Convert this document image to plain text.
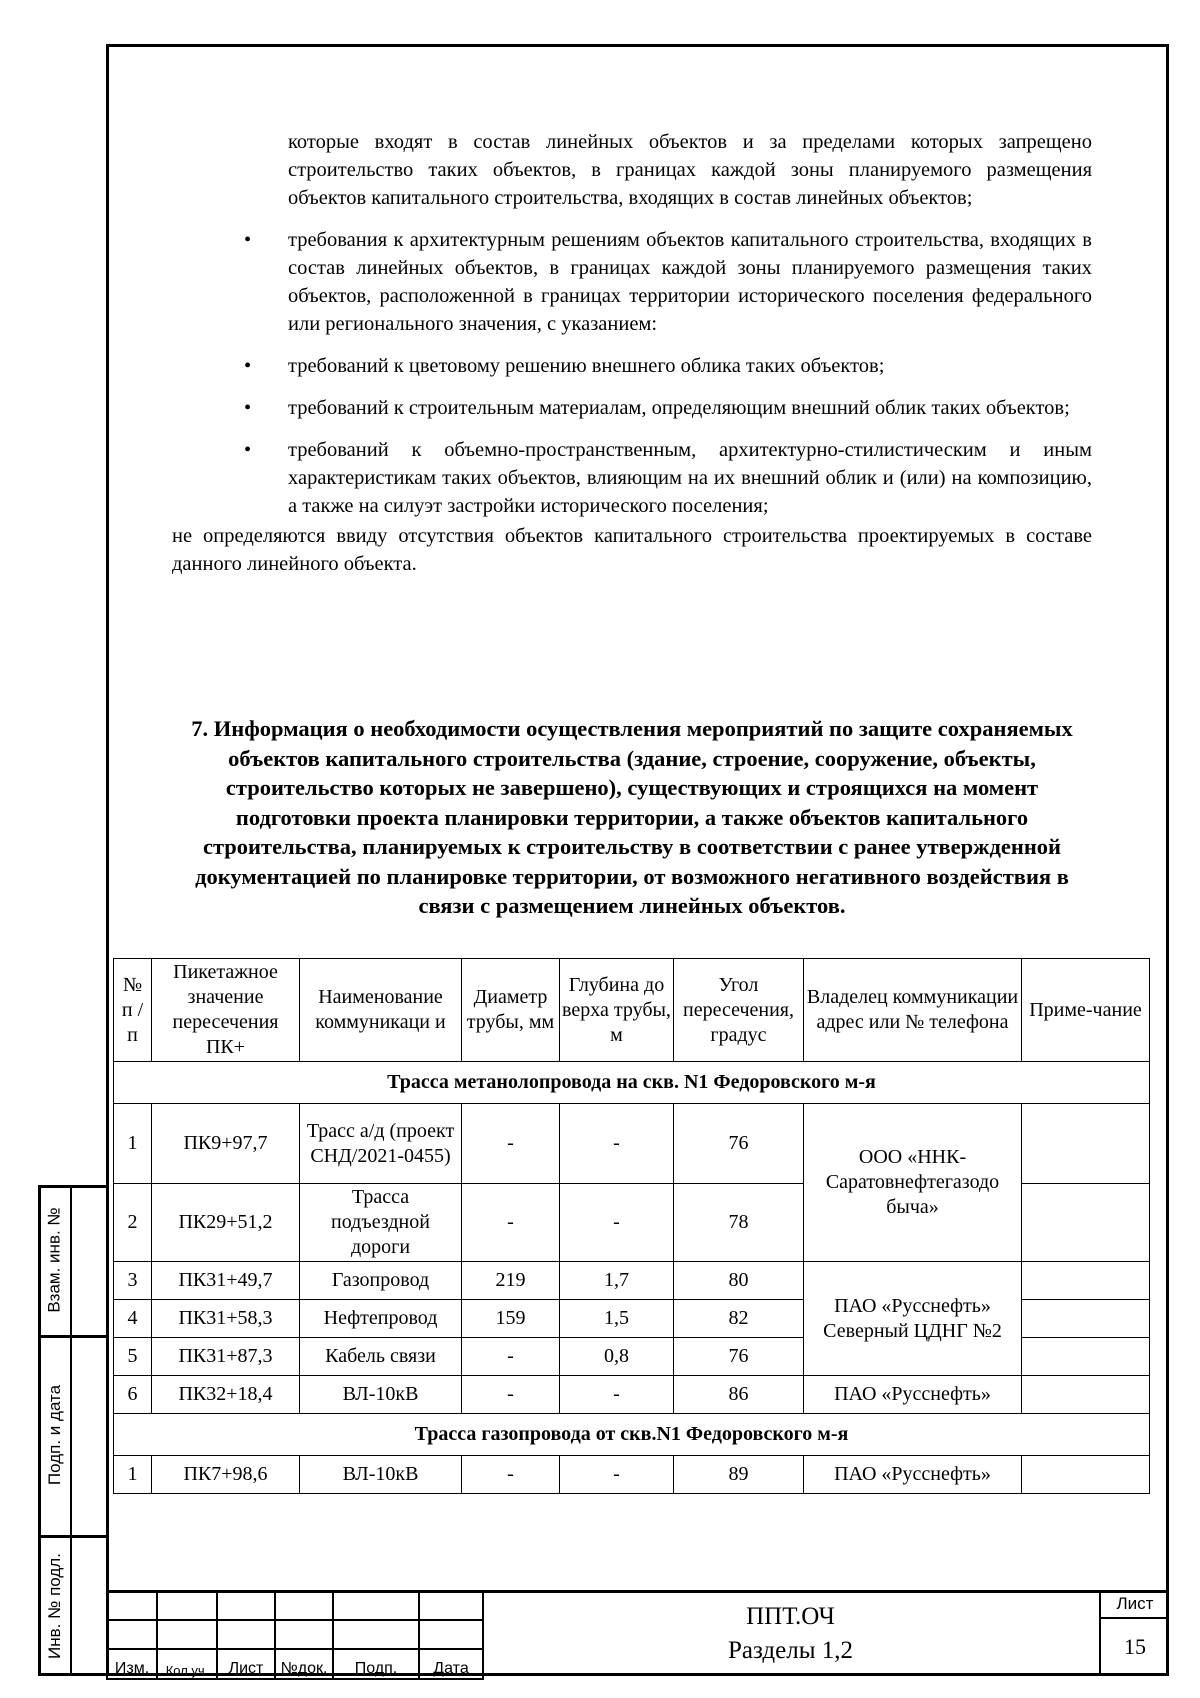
Взам. инв. №
Подп. и дата
Инв. № подл.
которые входят в состав линейных объектов и за пределами которых запрещено строительство таких объектов, в границах каждой зоны планируемого размещения объектов капитального строительства, входящих в состав линейных объектов;
• требования к архитектурным решениям объектов капитального строительства, входящих в состав линейных объектов, в границах каждой зоны планируемого размещения таких объектов, расположенной в границах территории исторического поселения федерального или регионального значения, с указанием:
• требований к цветовому решению внешнего облика таких объектов;
• требований к строительным материалам, определяющим внешний облик таких объектов;
• требований к объемно-пространственным, архитектурно-стилистическим и иным характеристикам таких объектов, влияющим на их внешний облик и (или) на композицию, а также на силуэт застройки исторического поселения;
не определяются ввиду отсутствия объектов капитального строительства проектируемых в составе данного линейного объекта.
7. Информация о необходимости осуществления мероприятий по защите сохраняемых объектов капитального строительства (здание, строение, сооружение, объекты, строительство которых не завершено), существующих и строящихся на момент подготовки проекта планировки территории, а также объектов капитального строительства, планируемых к строительству в соответствии с ранее утвержденной документацией по планировке территории, от возможного негативного воздействия в связи с размещением линейных объектов.
№ п / п	Пикетажное значение пересечения ПК+	Наименование коммуникаци и	Диаметр трубы, мм	Глубина до верха трубы, м	Угол пересечения, градус	Владелец коммуникации адрес или № телефона	Приме-чание
Трасса метанолопровода на скв. N1 Федоровского м-я							
1	ПК9+97,7	Трасс а/д (проект СНД/2021-0455)	-	-	76	ООО «ННК-Саратовнефтегазодо быча»	
2	ПК29+51,2	Трасса подъездной дороги	-	-	78		
3	ПК31+49,7	Газопровод	219	1,7	80	ПАО «Русснефть» Северный ЦДНГ №2	
4	ПК31+58,3	Нефтепровод	159	1,5	82		
5	ПК31+87,3	Кабель связи	-	0,8	76		
6	ПК32+18,4	ВЛ-10кВ	-	-	86	ПАО «Русснефть»	
Трасса газопровода от скв.N1 Федоровского м-я							
1	ПК7+98,6	ВЛ-10кВ	-	-	89	ПАО «Русснефть»	

Изм.	Кол.уч.	Лист	№док.	Подп.	Дата
ППТ.ОЧ
Разделы 1,2
Лист
15
